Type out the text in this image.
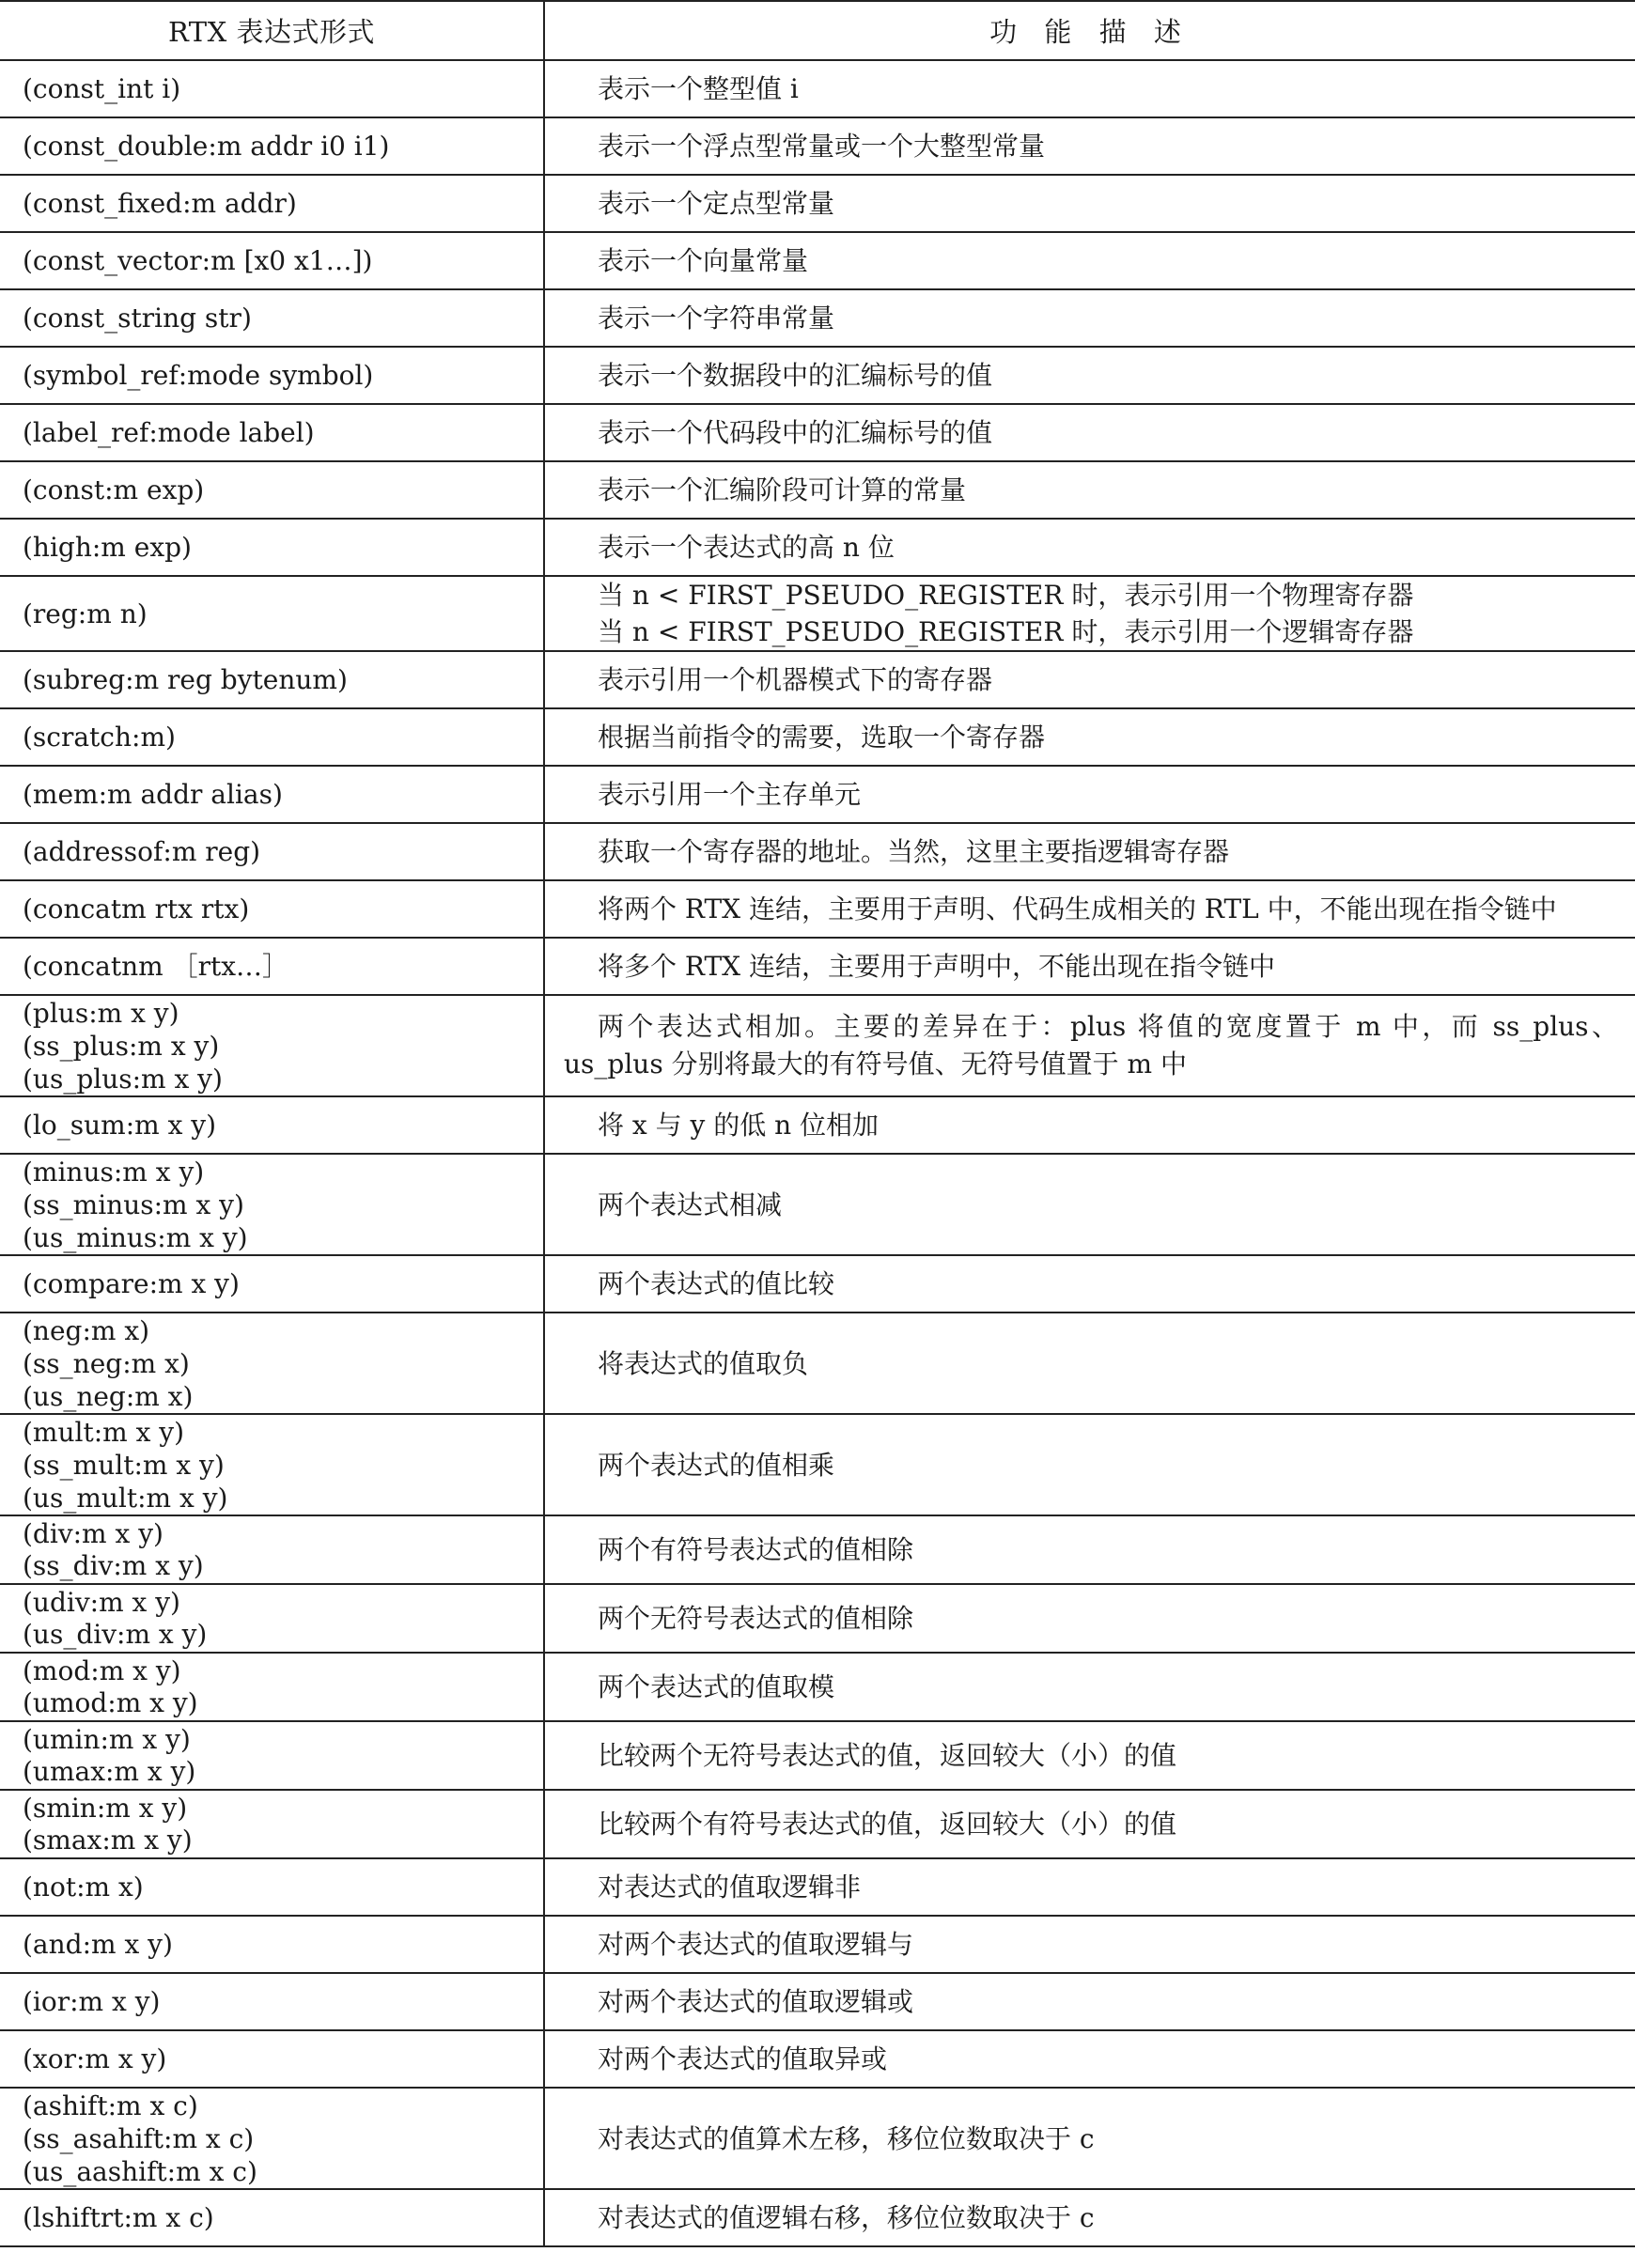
RTX 表达式形式	功 能 描 述

(const_int i)	表示一个整型值 i

(const_double:m addr i0 i1)	表示一个浮点型常量或一个大整型常量

(const_fixed:m addr)	表示一个定点型常量

(const_vector:m [x0 x1…])	表示一个向量常量

(const_string str)	表示一个字符串常量

(symbol_ref:mode symbol)	表示一个数据段中的汇编标号的值

(label_ref:mode label)	表示一个代码段中的汇编标号的值

(const:m exp)	表示一个汇编阶段可计算的常量

(high:m exp)	表示一个表达式的高 n 位

(reg:m n)	当 n < FIRST_PSEUDO_REGISTER 时，表示引用一个物理寄存器
当 n < FIRST_PSEUDO_REGISTER 时，表示引用一个逻辑寄存器

(subreg:m reg bytenum)	表示引用一个机器模式下的寄存器

(scratch:m)	根据当前指令的需要，选取一个寄存器

(mem:m addr alias)	表示引用一个主存单元

(addressof:m reg)	获取一个寄存器的地址。当然，这里主要指逻辑寄存器

(concatm rtx rtx)	将两个 RTX 连结，主要用于声明、代码生成相关的 RTL 中，不能出现在指令链中

(concatnm ［rtx…］	将多个 RTX 连结，主要用于声明中，不能出现在指令链中

(plus:m x y)
(ss_plus:m x y)
(us_plus:m x y)	两个表达式相加。主要的差异在于：plus 将值的宽度置于 m 中，而 ss_plus、
us_plus 分别将最大的有符号值、无符号值置于 m 中

(lo_sum:m x y)	将 x 与 y 的低 n 位相加

(minus:m x y)
(ss_minus:m x y)
(us_minus:m x y)	两个表达式相减

(compare:m x y)	两个表达式的值比较

(neg:m x)
(ss_neg:m x)
(us_neg:m x)	将表达式的值取负

(mult:m x y)
(ss_mult:m x y)
(us_mult:m x y)	两个表达式的值相乘

(div:m x y)
(ss_div:m x y)	两个有符号表达式的值相除

(udiv:m x y)
(us_div:m x y)	两个无符号表达式的值相除

(mod:m x y)
(umod:m x y)	两个表达式的值取模

(umin:m x y)
(umax:m x y)	比较两个无符号表达式的值，返回较大（小）的值

(smin:m x y)
(smax:m x y)	比较两个有符号表达式的值，返回较大（小）的值

(not:m x)	对表达式的值取逻辑非

(and:m x y)	对两个表达式的值取逻辑与

(ior:m x y)	对两个表达式的值取逻辑或

(xor:m x y)	对两个表达式的值取异或

(ashift:m x c)
(ss_asahift:m x c)
(us_aashift:m x c)	对表达式的值算术左移，移位位数取决于 c

(lshiftrt:m x c)	对表达式的值逻辑右移，移位位数取决于 c
